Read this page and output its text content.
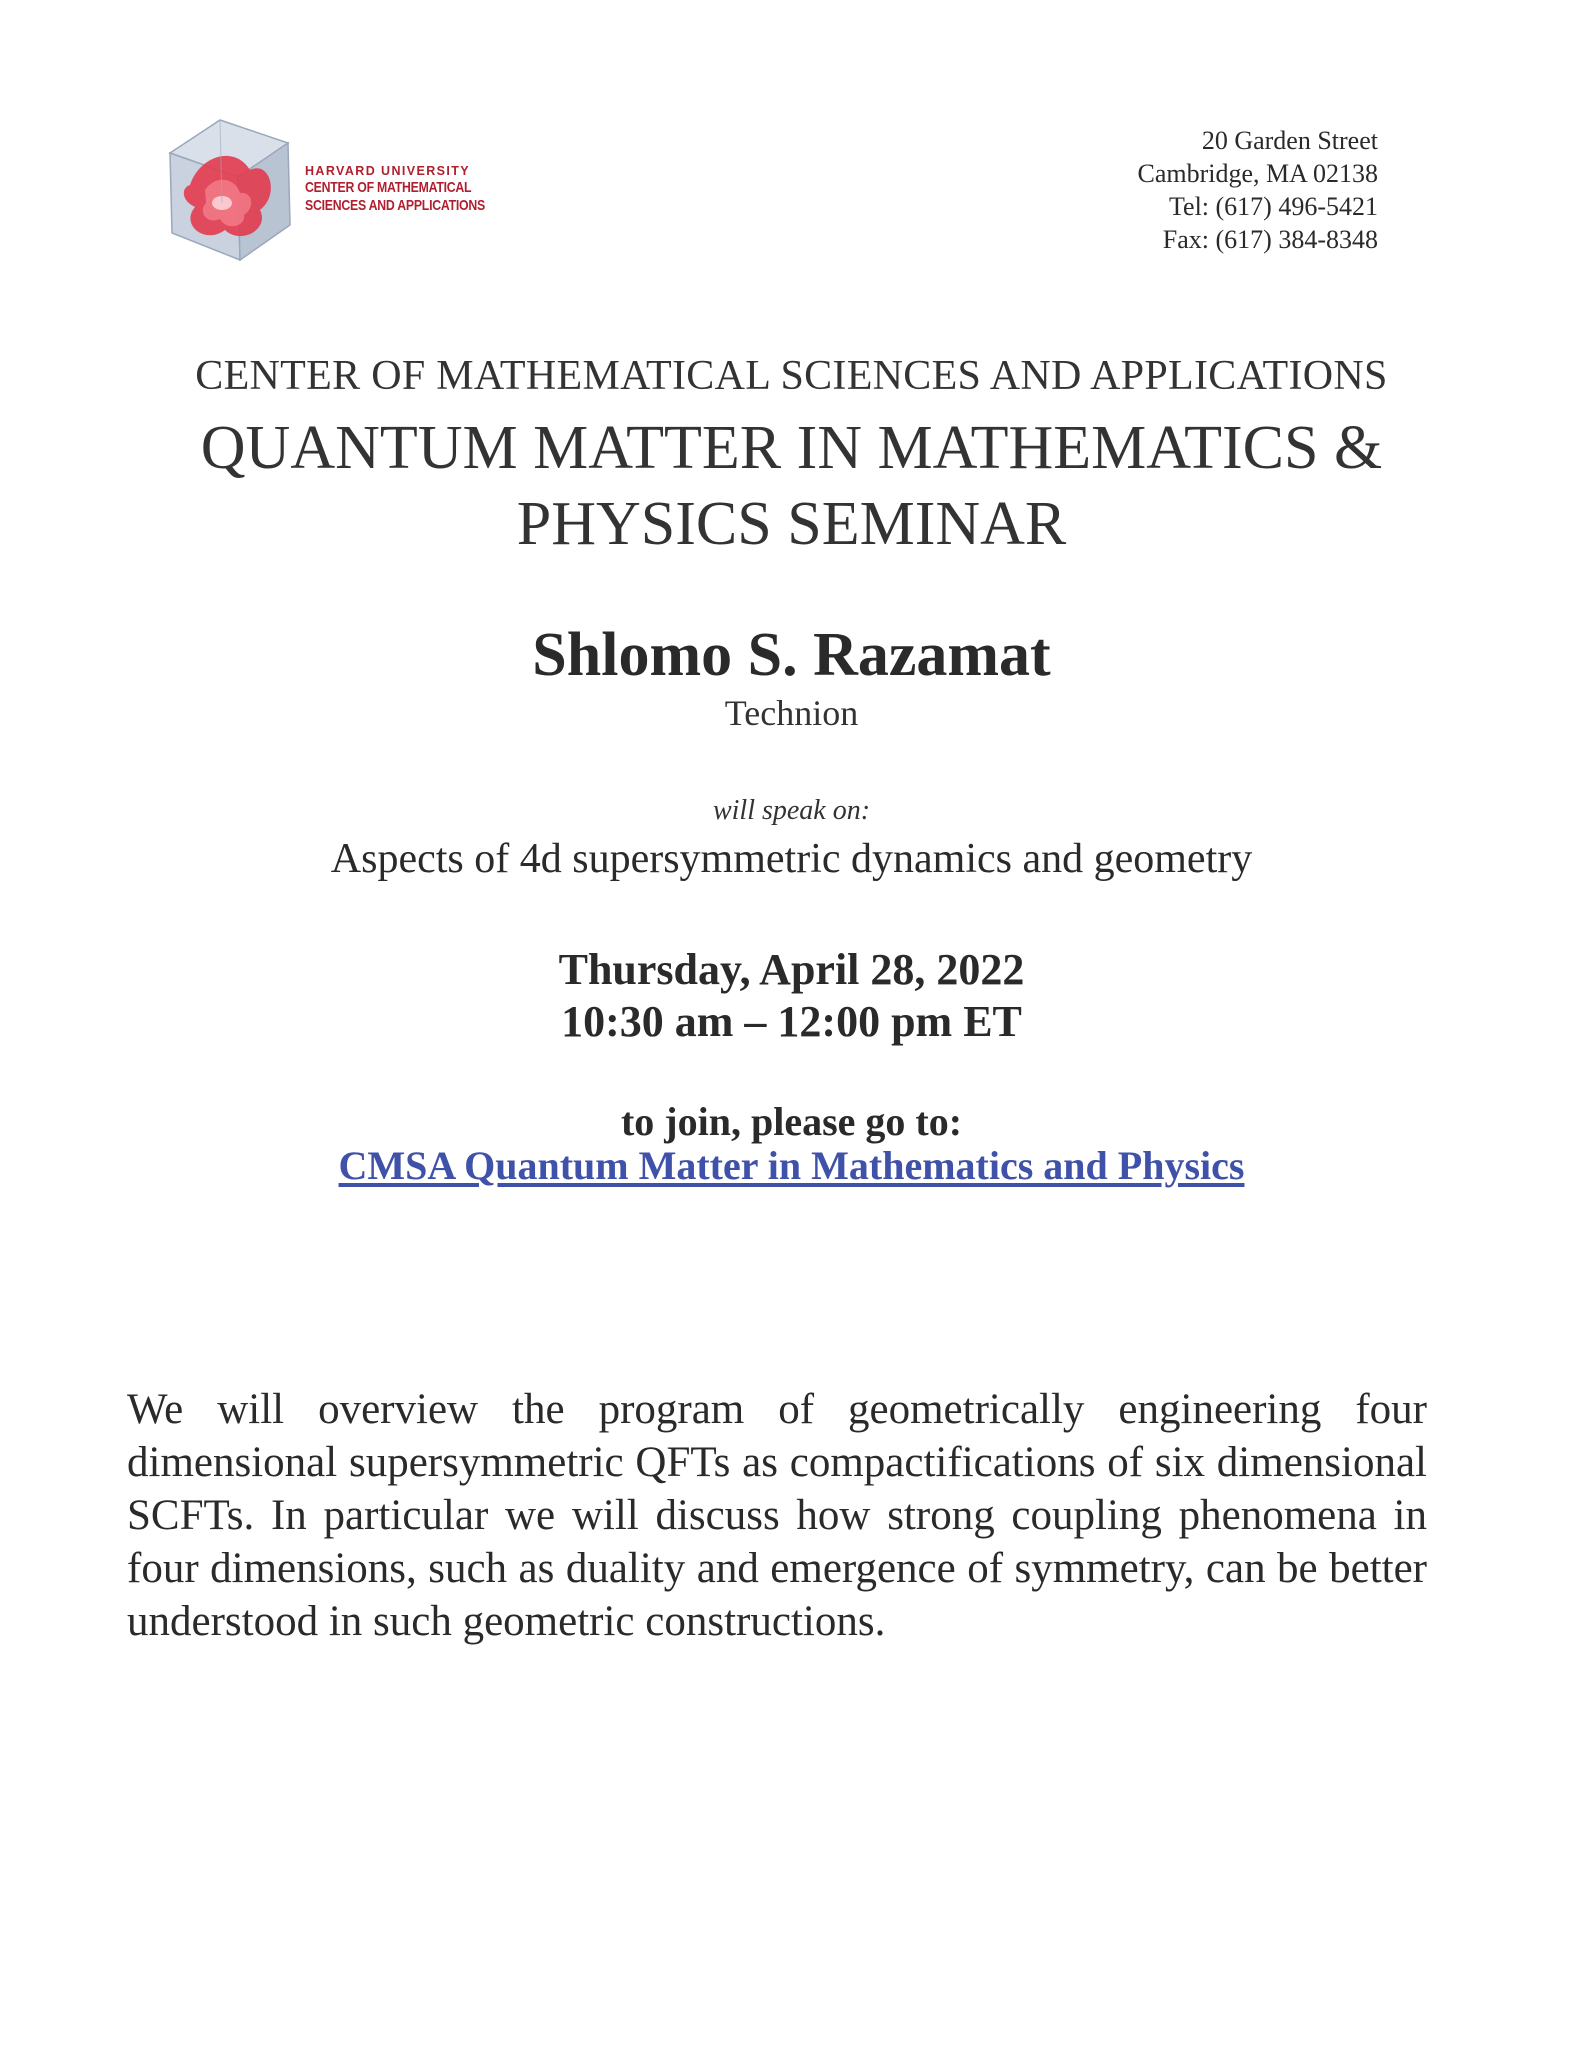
HARVARD UNIVERSITY
CENTER OF MATHEMATICAL
SCIENCES AND APPLICATIONS
20 Garden Street
Cambridge, MA 02138
Tel: (617) 496-5421
Fax: (617) 384-8348
CENTER OF MATHEMATICAL SCIENCES AND APPLICATIONS
QUANTUM MATTER IN MATHEMATICS &
PHYSICS SEMINAR
Shlomo S. Razamat
Technion
will speak on:
Aspects of 4d supersymmetric dynamics and geometry
Thursday, April 28, 2022
10:30 am – 12:00 pm ET
to join, please go to:
CMSA Quantum Matter in Mathematics and Physics
We will overview the program of geometrically engineering four dimensional supersymmetric QFTs as compactifications of six dimensional SCFTs. In particular we will discuss how strong coupling phenomena in four dimensions, such as duality and emergence of symmetry, can be better understood in such geometric constructions.
